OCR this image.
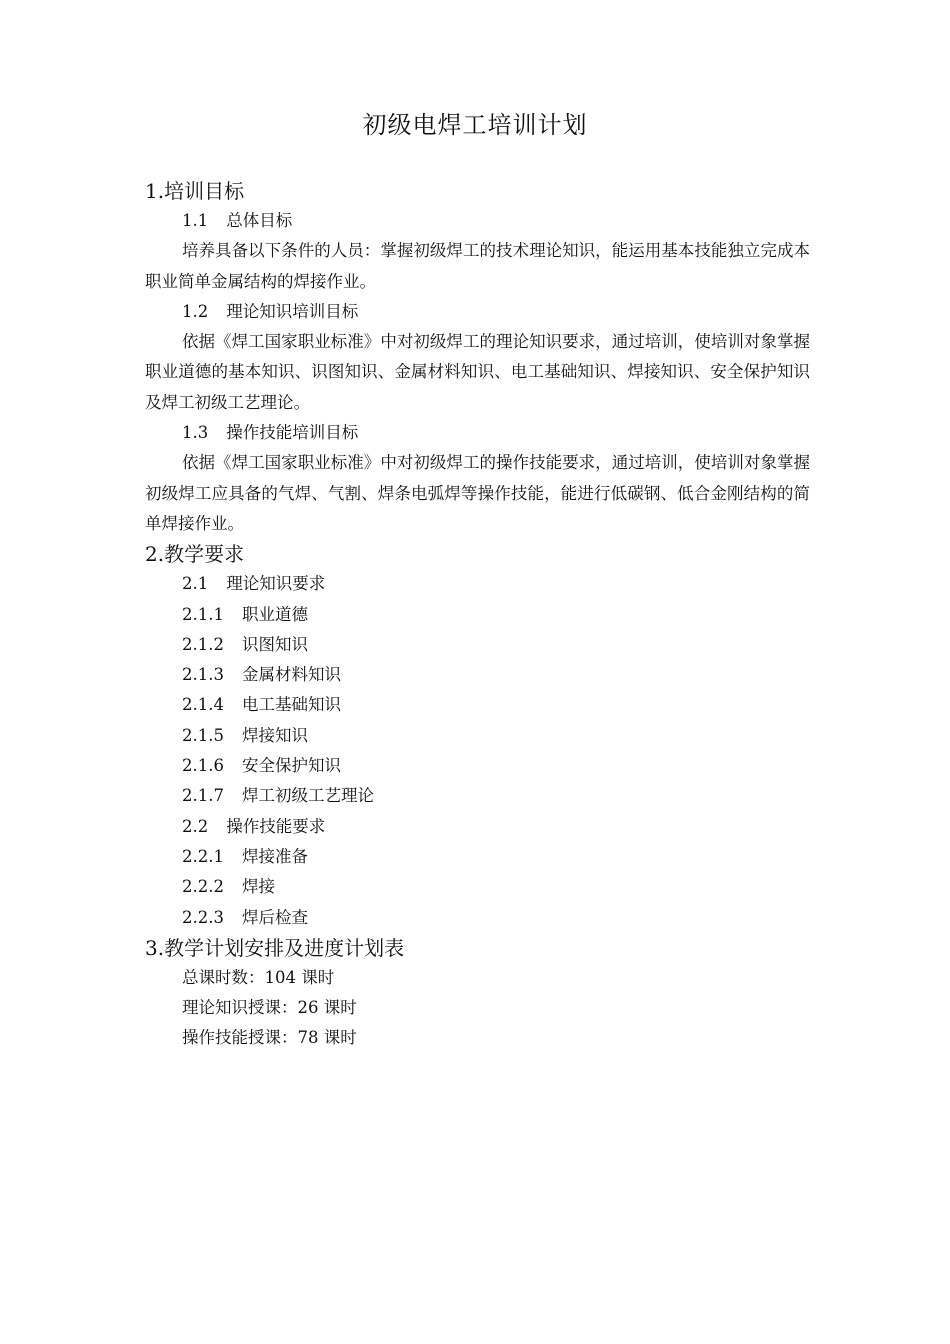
初级电焊工培训计划
1.培训目标
1.1 总体目标

培养具备以下条件的人员：掌握初级焊工的技术理论知识，能运用基本技能独立完成本职业简单金属结构的焊接作业。

1.2 理论知识培训目标

依据《焊工国家职业标准》中对初级焊工的理论知识要求，通过培训，使培训对象掌握职业道德的基本知识、识图知识、金属材料知识、电工基础知识、焊接知识、安全保护知识及焊工初级工艺理论。

1.3 操作技能培训目标

依据《焊工国家职业标准》中对初级焊工的操作技能要求，通过培训，使培训对象掌握初级焊工应具备的气焊、气割、焊条电弧焊等操作技能，能进行低碳钢、低合金刚结构的简单焊接作业。

2.教学要求
2.1 理论知识要求
2.1.1 职业道德
2.1.2 识图知识
2.1.3 金属材料知识
2.1.4 电工基础知识
2.1.5 焊接知识
2.1.6 安全保护知识
2.1.7 焊工初级工艺理论
2.2 操作技能要求
2.2.1 焊接准备
2.2.2 焊接
2.2.3 焊后检查
3.教学计划安排及进度计划表
总课时数：104 课时
理论知识授课：26 课时
操作技能授课：78 课时
